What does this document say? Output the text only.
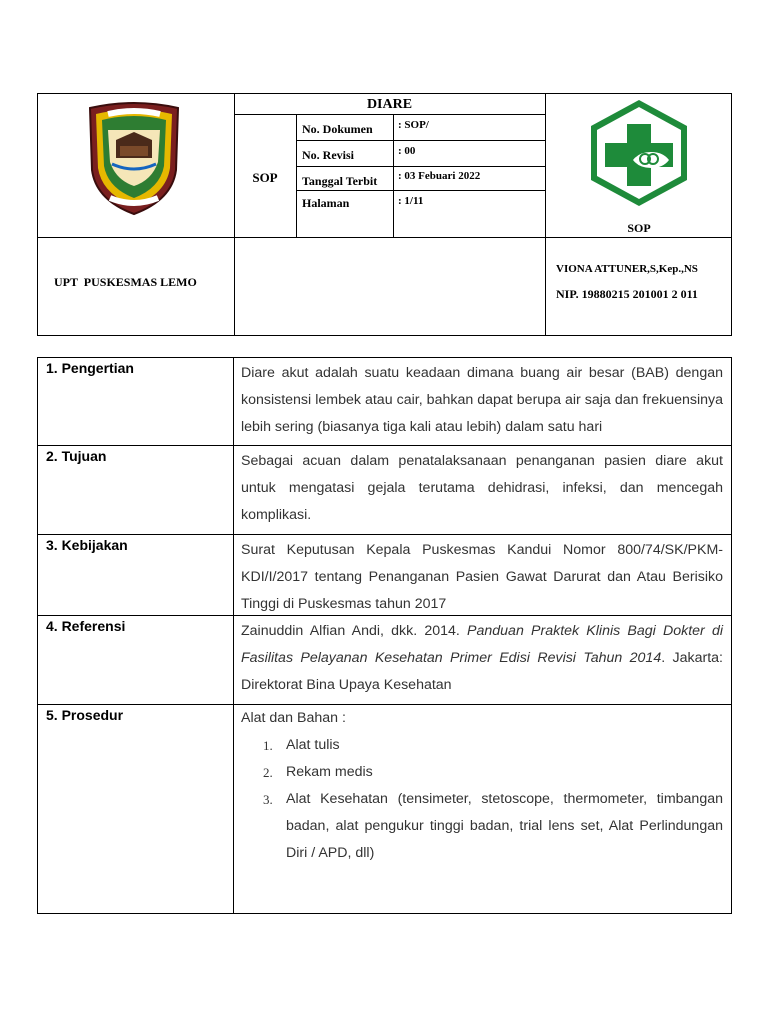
DIARE
SOP
No. Dokumen : SOP/
No. Revisi	: 00
Tanggal Terbit : 03 Febuari 2022
Halaman	: 1/11
SOP
UPT  PUSKESMAS LEMO
VIONA ATTUNER,S,Kep.,NS
NIP. 19880215 201001 2 011
1. Pengertian	Diare akut adalah suatu keadaan dimana buang air besar (BAB) dengan konsistensi lembek atau cair, bahkan dapat berupa air saja dan frekuensinya lebih sering (biasanya tiga kali atau lebih) dalam satu hari
2. Tujuan	Sebagai acuan dalam penatalaksanaan penanganan pasien diare akut untuk mengatasi gejala terutama dehidrasi, infeksi, dan mencegah komplikasi.
3. Kebijakan	Surat Keputusan Kepala Puskesmas Kandui Nomor 800/74/SK/PKM-KDI/I/2017 tentang Penanganan Pasien Gawat Darurat dan Atau Berisiko Tinggi di Puskesmas tahun 2017
4. Referensi	Zainuddin Alfian Andi, dkk. 2014. Panduan Praktek Klinis Bagi Dokter di Fasilitas Pelayanan Kesehatan Primer Edisi Revisi Tahun 2014. Jakarta: Direktorat Bina Upaya Kesehatan
5. Prosedur	Alat dan Bahan :
1. Alat tulis
2. Rekam medis
3. Alat Kesehatan (tensimeter, stetoscope, thermometer, timbangan badan, alat pengukur tinggi badan, trial lens set, Alat Perlindungan Diri / APD, dll)
